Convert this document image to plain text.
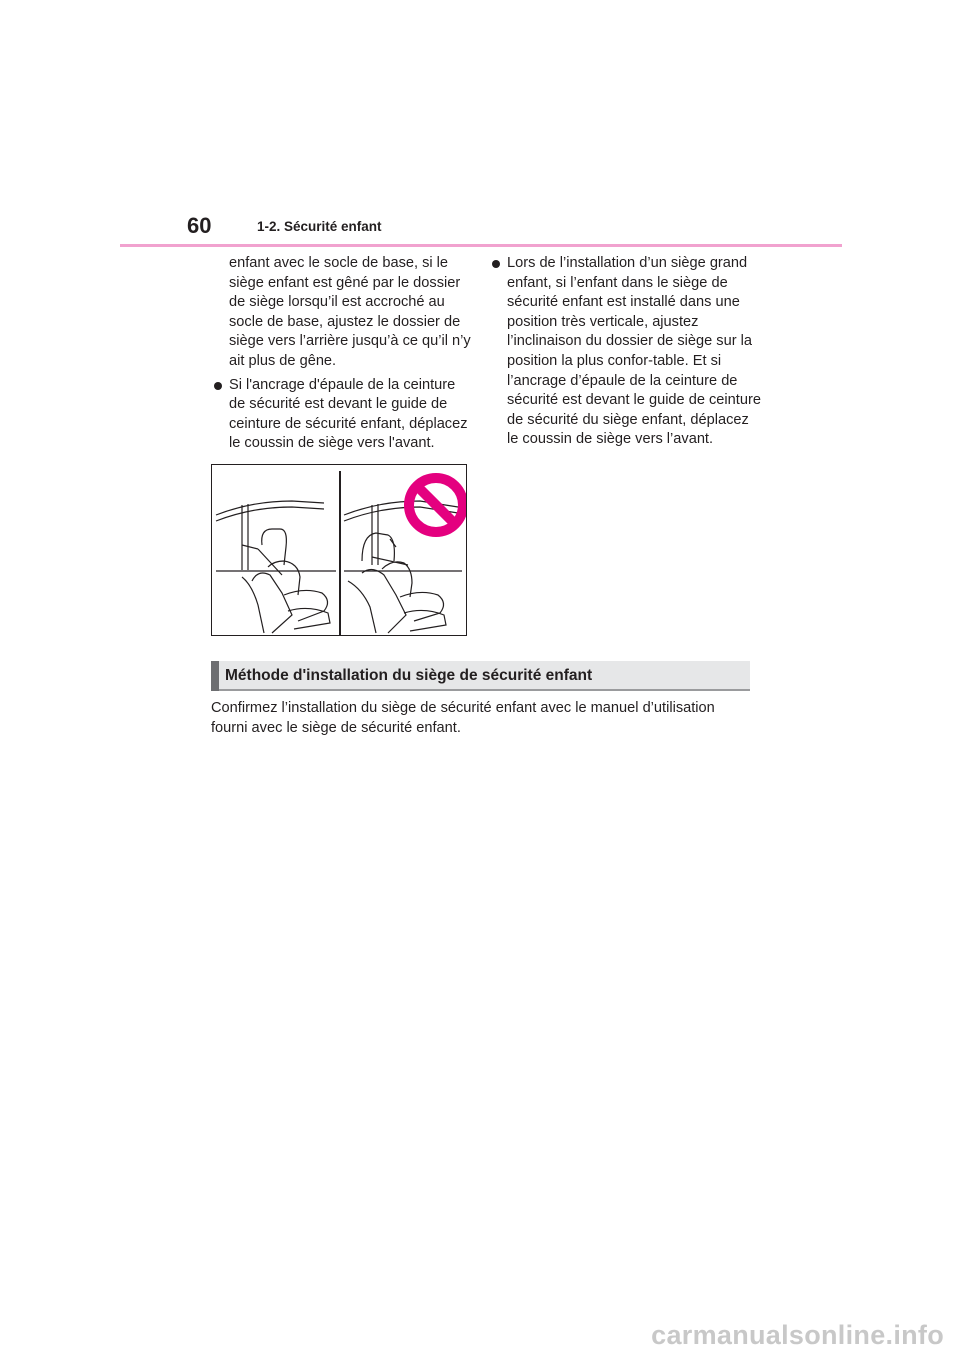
60	1-2. Sécurité enfant

enfant avec le socle de base, si le siège enfant est gêné par le dossier de siège lorsqu’il est accroché au socle de base, ajustez le dossier de siège vers l’arrière jusqu’à ce qu’il n’y ait plus de gêne.

Si l'ancrage d'épaule de la ceinture de sécurité est devant le guide de ceinture de sécurité enfant, déplacez le coussin de siège vers l'avant.
Lors de l’installation d’un siège grand enfant, si l’enfant dans le siège de sécurité enfant est installé dans une position très verticale, ajustez l’inclinaison du dossier de siège sur la position la plus confor-table. Et si l’ancrage d’épaule de la ceinture de sécurité est devant le guide de ceinture de sécurité du siège enfant, déplacez le coussin de siège vers l’avant.
Méthode d'installation du siège de sécurité enfant
Confirmez l’installation du siège de sécurité enfant avec le manuel d’utilisation fourni avec le siège de sécurité enfant.
carmanualsonline.info
